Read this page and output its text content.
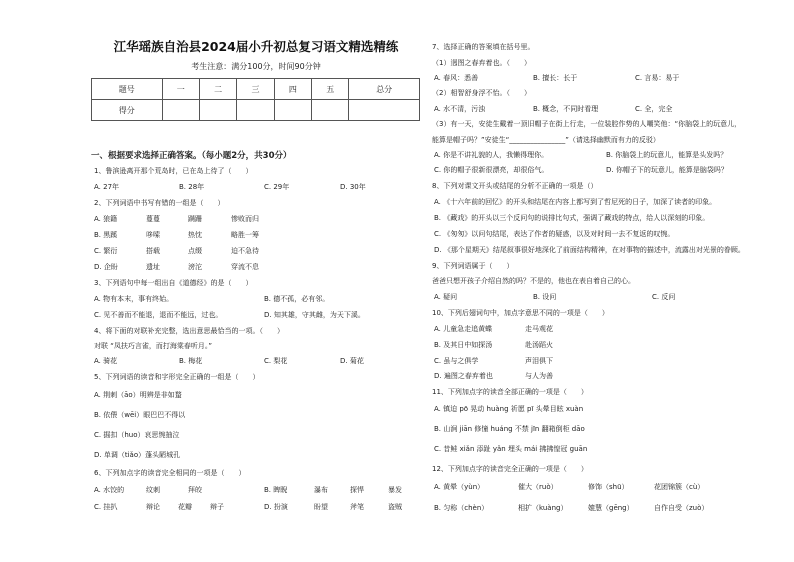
江华瑶族自治县2024届小升初总复习语文精选精练
考生注意：满分100分，时间90分钟
题号	一	二	三	四	五	总分
得分						
一、根据要求选择正确答案。（每小题2分，共30分）
1、鲁滨逊离开那个荒岛时，已在岛上待了（　　）
A. 27年	B. 28年	C. 29年	D. 30年
2、下列词语中书写有错的一组是（　　）
A. 狼籍	蔓蔓	蹒跚	惨败而归
B. 黑蹊	哆嗦	热忱	略胜一筹
C. 繁衍	搭载	点缀	迫不急待
D. 企盼	遗址	滂沱	穿流不息
3、下列语句中每一组出自《道德经》的是（　　）
A. 物有本末，事有终始。	B. 德不孤，必有邻。
C. 见不善而不能退，退而不能远，过也。	D. 知其雄，守其雌，为天下溪。
4、将下面的对联补充完整，选出意思最恰当的一项。（　　）
对联 “凤扶巧言雀，而打海棠春听月。”
A. 骑花	B. 梅花	C. 梨花	D. 菊花
5、下列词语的读音和字形完全正确的一组是（　　）
A. 荆刺（āo）明辨是非如蝥
B. 依偎（wēi）眼巴巴不得以
C. 掘扣（huo）哀思惋抽泣
D. 单调（tiǎo）蓬头陋城孔
6、下列加点字的读音完全相同的一项是（　　）
A. 水饺的	纹刺	拜皎	B. 睥睨	瀑布	探悍	暴发
C. 挂扒	辩论	花瓣	辩子	D. 扮演	盼望	斧笔	盗贼
7、选择正确的答案填在括号里。
（1）迥图之春弃着也。（　　）
A. 春风：悉善	B. 擅长：长于	C. 言易：易于
（2）相智舒身浮不怡。（　　）
A. 水不清，污浊	B. 概念，不同时看理	C. 全，完全
（3）有一天，安徒生戴着一顶旧帽子在街上行走，一位装腔作势的人嘲笑他：“你脑袋上的玩意儿，
能算是帽子吗？”安徒生“________________”（请选择幽默而有力的反驳）
A. 你是不讲礼貌的人，我懒得理你。	B. 你脑袋上的玩意儿，能算是头发吗？
C. 你的帽子很新很漂亮，却很俗气。	D. 你帽子下的玩意儿，能算是脑袋吗？
8、下列对课文开头或结尾的分析不正确的一项是（）
A. 《十六年前的回忆》的开头和结尾在内容上都写到了哲尼死的日子，加深了读者的印象。
B. 《藏戏》的开头以三个反问句的说排比句式，强调了藏戏的特点，给人以深刻的印象。
C. 《匆匆》以问句结尾，表达了作者的疑惑，以及对时间一去不复返的叹惋。
D. 《那个星期天》结尾叙事很好地深化了前面结构精神，在对事物的描述中，流露出对光景的眷顾。
9、下列词语属于（　　）
爸爸只想开孩子介绍自然的吗？不是的，他也在表自着自己的心。
A. 疑问	B. 设问	C. 反问
10、下列后翅词句中，加点字意思不同的一项是（　　）
A. 儿童急走追黄蝶	走马观花
B. 及其日中如探汤	赴汤蹈火
C. 虽与之俱学	声泪俱下
D. 遍图之春弃着也	与人为善
11、下列加点字的读音全部正确的一项是（　　）
A. 镇迫 pō 晃动 huàng 祈愿 pī 头晕目眩 xuàn
B. 山涧 jiān 修憧 huáng 不禁 jīn 翻箱倒柜 dāo
C. 昔鲑 xiǎn 添趾 yǎn 埋头 mái 拂拂惶冠 guān
12、下列加点字的读音完全正确的一项是（　　）
A. 黄晕（yùn）	催大（ruò）	修饰（shū）	花团锦簇（cù）
B. 匀称（chèn）	相扩（kuàng）	媲慧（gēng）	自作自受（zuò）
